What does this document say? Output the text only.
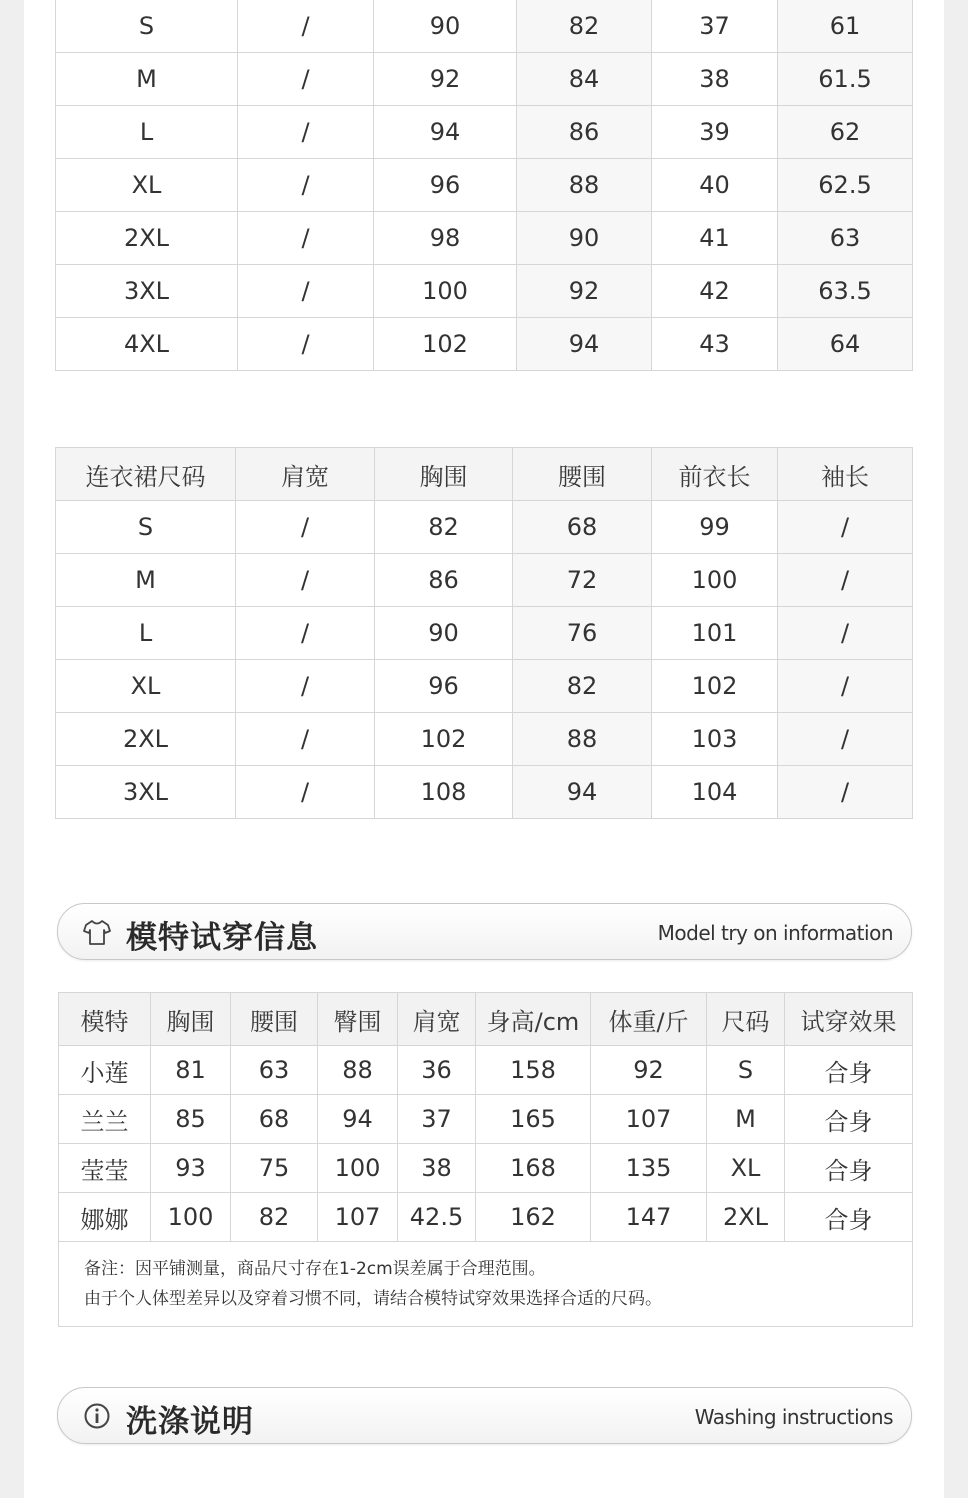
S	/	90	82	37	61
M	/	92	84	38	61.5
L	/	94	86	39	62
XL	/	96	88	40	62.5
2XL	/	98	90	41	63
3XL	/	100	92	42	63.5
4XL	/	102	94	43	64
连衣裙尺码	肩宽	胸围	腰围	前衣长	袖长
S	/	82	68	99	/
M	/	86	72	100	/
L	/	90	76	101	/
XL	/	96	82	102	/
2XL	/	102	88	103	/
3XL	/	108	94	104	/
模特试穿信息	Model try on information
模特	胸围	腰围	臀围	肩宽	身高/cm	体重/斤	尺码	试穿效果
小莲	81	63	88	36	158	92	S	合身
兰兰	85	68	94	37	165	107	M	合身
莹莹	93	75	100	38	168	135	XL	合身
娜娜	100	82	107	42.5	162	147	2XL	合身

备注：因平铺测量，商品尺寸存在1-2cm误差属于合理范围。
由于个人体型差异以及穿着习惯不同，请结合模特试穿效果选择合适的尺码。								
洗涤说明	Washing instructions
